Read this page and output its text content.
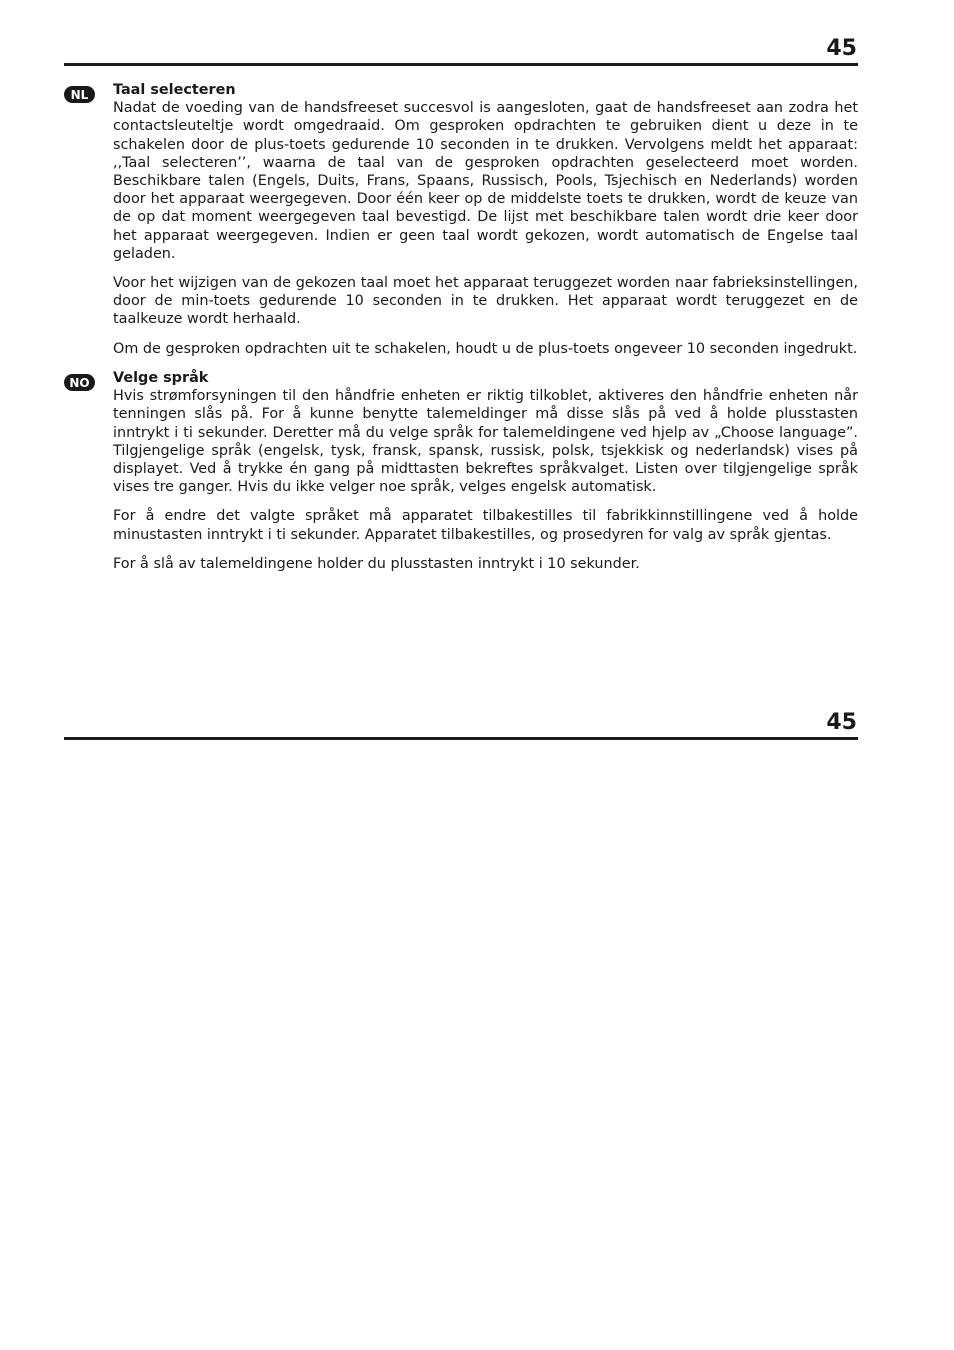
45
NL Taal selecteren

Nadat de voeding van de handsfreeset succesvol is aangesloten, gaat de handsfreeset aan zodra het contactsleuteltje wordt omgedraaid. Om gesproken opdrachten te gebruiken dient u deze in te schakelen door de plus-toets gedurende 10 seconden in te drukken. Vervolgens meldt het apparaat: ,,Taal selecteren’’, waarna de taal van de gesproken opdrachten geselecteerd moet worden. Beschikbare talen (Engels, Duits, Frans, Spaans, Russisch, Pools, Tsjechisch en Nederlands) worden door het apparaat weergegeven. Door één keer op de middelste toets te drukken, wordt de keuze van de op dat moment weergegeven taal bevestigd. De lijst met beschikbare talen wordt drie keer door het apparaat weergegeven. Indien er geen taal wordt gekozen, wordt automatisch de Engelse taal geladen.

Voor het wijzigen van de gekozen taal moet het apparaat teruggezet worden naar fabrieksinstellingen, door de min-toets gedurende 10 seconden in te drukken. Het apparaat wordt teruggezet en de taalkeuze wordt herhaald.

Om de gesproken opdrachten uit te schakelen, houdt u de plus-toets ongeveer 10 seconden ingedrukt.

NO Velge språk

Hvis strømforsyningen til den håndfrie enheten er riktig tilkoblet, aktiveres den håndfrie enheten når tenningen slås på. For å kunne benytte talemeldinger må disse slås på ved å holde plusstasten inntrykt i ti sekunder. Deretter må du velge språk for talemeldingene ved hjelp av „Choose language”. Tilgjengelige språk (engelsk, tysk, fransk, spansk, russisk, polsk, tsjekkisk og nederlandsk) vises på displayet. Ved å trykke én gang på midttasten bekreftes språkvalget. Listen over tilgjengelige språk vises tre ganger. Hvis du ikke velger noe språk, velges engelsk automatisk.

For å endre det valgte språket må apparatet tilbakestilles til fabrikkinnstillingene ved å holde minustasten inntrykt i ti sekunder. Apparatet tilbakestilles, og prosedyren for valg av språk gjentas.

For å slå av talemeldingene holder du plusstasten inntrykt i 10 sekunder.

45
